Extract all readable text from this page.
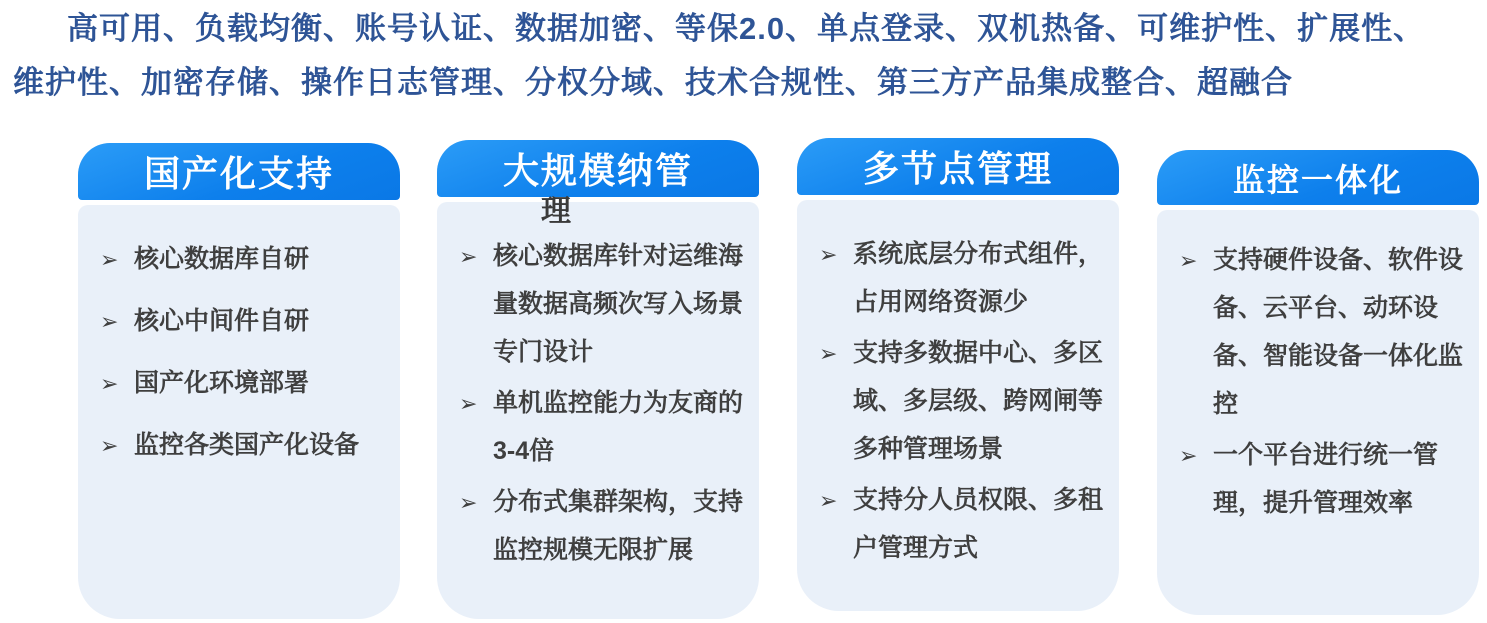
高可用、负载均衡、账号认证、数据加密、等保2.0、单点登录、双机热备、可维护性、扩展性、
维护性、加密存储、操作日志管理、分权分域、技术合规性、第三方产品集成整合、超融合
国产化支持
➢ 核心数据库自研
➢ 核心中间件自研
➢ 国产化环境部署
➢ 监控各类国产化设备
大规模纳管
➢ 核心数据库针对运维海量数据高频次写入场景专门设计
➢ 单机监控能力为友商的3-4倍
➢ 分布式集群架构，支持监控规模无限扩展
多节点管理
➢ 系统底层分布式组件，占用网络资源少
➢ 支持多数据中心、多区域、多层级、跨网闸等多种管理场景
➢ 支持分人员权限、多租户管理方式
监控一体化
➢ 支持硬件设备、软件设备、云平台、动环设备、智能设备一体化监控
➢ 一个平台进行统一管理，提升管理效率
